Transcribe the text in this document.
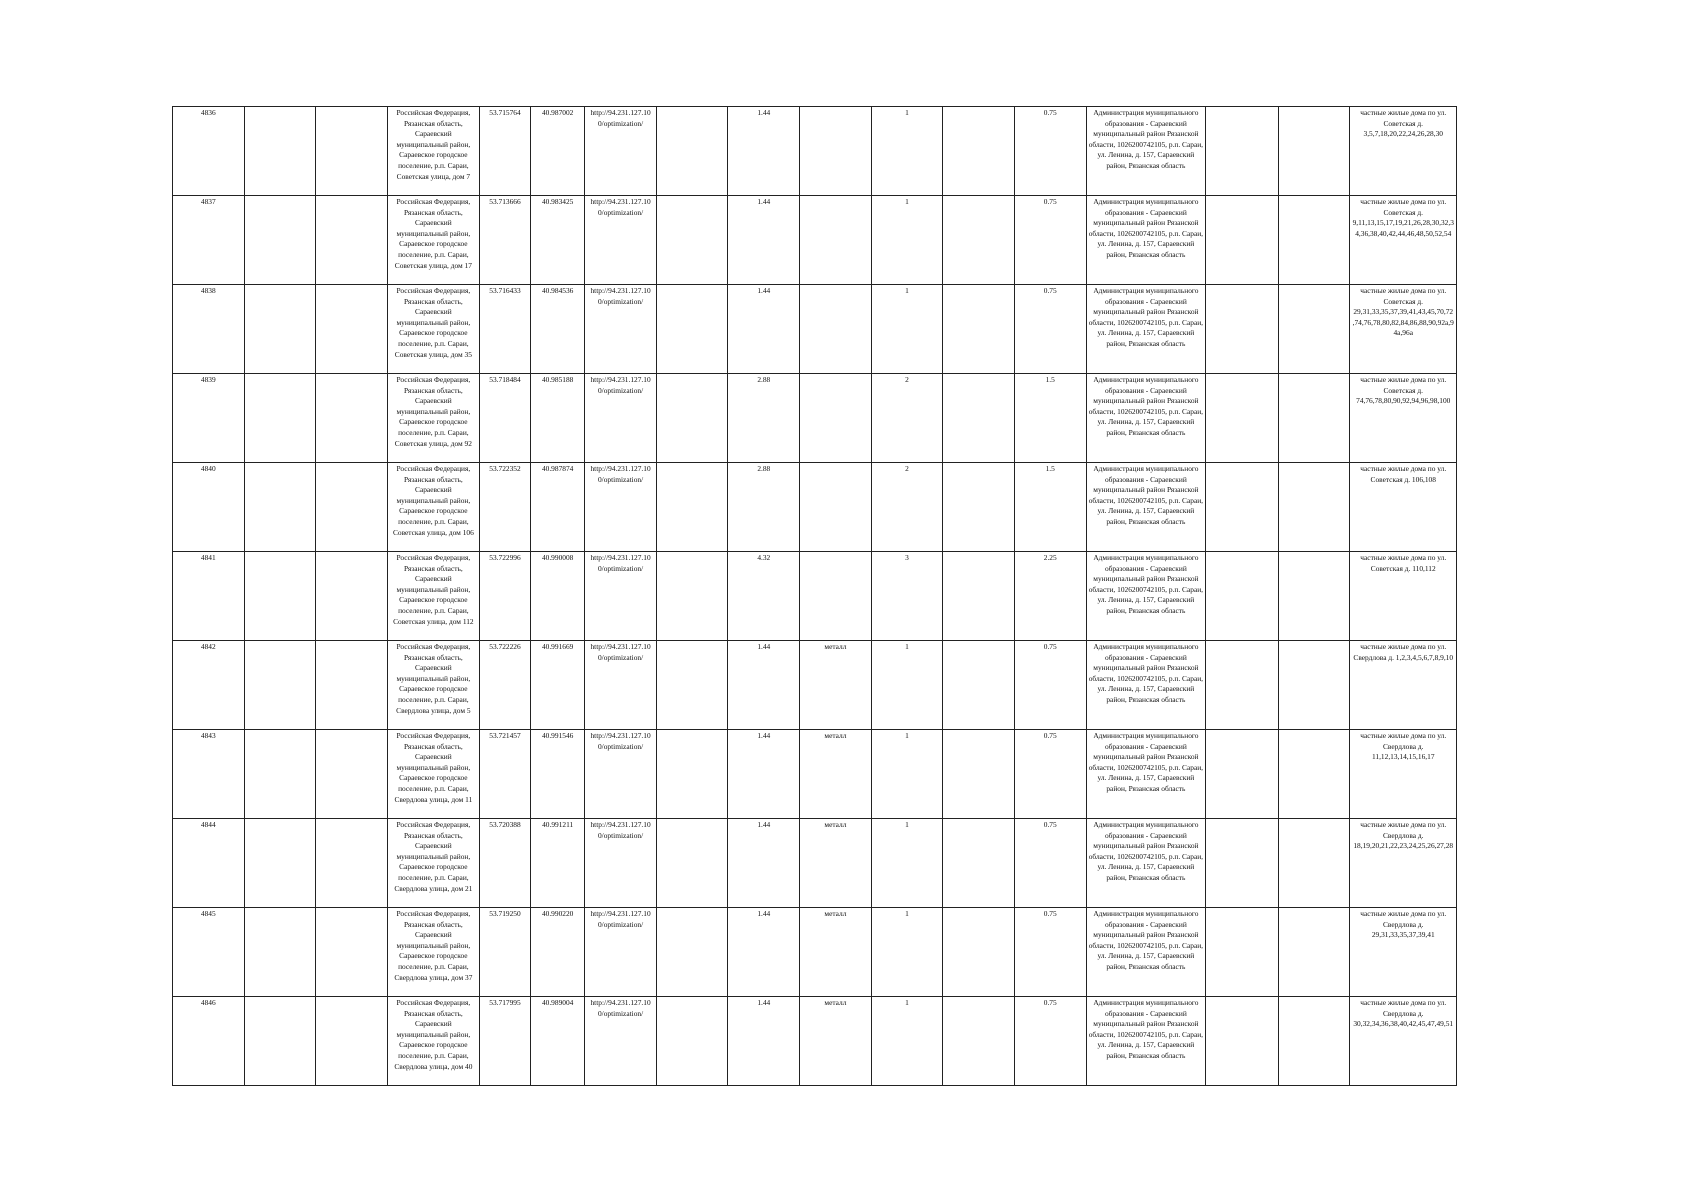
4836			Российская Федерация, Рязанская область, Сараевский муниципальный район, Сараевское городское поселение, р.п. Сараи, Советская улица, дом 7	53.715764	40.987002	http://94.231.127.10 0/optimization/		1.44		1		0.75	Администрация муниципального образования - Сараевский муниципальный район Рязанской области, 1026200742105, р.п. Сараи, ул. Ленина, д. 157, Сараевский район, Рязанская область			частные жилые дома по ул. Советская д. 3,5,7,18,20,22,24,26,28,30
4837			Российская Федерация, Рязанская область, Сараевский муниципальный район, Сараевское городское поселение, р.п. Сараи, Советская улица, дом 17	53.713666	40.983425	http://94.231.127.10 0/optimization/		1.44		1		0.75	Администрация муниципального образования - Сараевский муниципальный район Рязанской области, 1026200742105, р.п. Сараи, ул. Ленина, д. 157, Сараевский район, Рязанская область			частные жилые дома по ул. Советская д. 9,11,13,15,17,19,21,26,28,30,32,34,36,38,40,42,44,46,48,50,52,54
4838			Российская Федерация, Рязанская область, Сараевский муниципальный район, Сараевское городское поселение, р.п. Сараи, Советская улица, дом 35	53.716433	40.984536	http://94.231.127.10 0/optimization/		1.44		1		0.75	Администрация муниципального образования - Сараевский муниципальный район Рязанской области, 1026200742105, р.п. Сараи, ул. Ленина, д. 157, Сараевский район, Рязанская область			частные жилые дома по ул. Советская д. 29,31,33,35,37,39,41,43,45,70,72,74,76,78,80,82,84,86,88,90,92а,94а,96а
4839			Российская Федерация, Рязанская область, Сараевский муниципальный район, Сараевское городское поселение, р.п. Сараи, Советская улица, дом 92	53.718484	40.985188	http://94.231.127.10 0/optimization/		2.88		2		1.5	Администрация муниципального образования - Сараевский муниципальный район Рязанской области, 1026200742105, р.п. Сараи, ул. Ленина, д. 157, Сараевский район, Рязанская область			частные жилые дома по ул. Советская д. 74,76,78,80,90,92,94,96,98,100
4840			Российская Федерация, Рязанская область, Сараевский муниципальный район, Сараевское городское поселение, р.п. Сараи, Советская улица, дом 106	53.722352	40.987874	http://94.231.127.10 0/optimization/		2.88		2		1.5	Администрация муниципального образования - Сараевский муниципальный район Рязанской области, 1026200742105, р.п. Сараи, ул. Ленина, д. 157, Сараевский район, Рязанская область			частные жилые дома по ул. Советская д. 106,108
4841			Российская Федерация, Рязанская область, Сараевский муниципальный район, Сараевское городское поселение, р.п. Сараи, Советская улица, дом 112	53.722996	40.990008	http://94.231.127.10 0/optimization/		4.32		3		2.25	Администрация муниципального образования - Сараевский муниципальный район Рязанской области, 1026200742105, р.п. Сараи, ул. Ленина, д. 157, Сараевский район, Рязанская область			частные жилые дома по ул. Советская д. 110,112
4842			Российская Федерация, Рязанская область, Сараевский муниципальный район, Сараевское городское поселение, р.п. Сараи, Свердлова улица, дом 5	53.722226	40.991669	http://94.231.127.10 0/optimization/		1.44	металл	1		0.75	Администрация муниципального образования - Сараевский муниципальный район Рязанской области, 1026200742105, р.п. Сараи, ул. Ленина, д. 157, Сараевский район, Рязанская область			частные жилые дома по ул. Свердлова д. 1,2,3,4,5,6,7,8,9,10
4843			Российская Федерация, Рязанская область, Сараевский муниципальный район, Сараевское городское поселение, р.п. Сараи, Свердлова улица, дом 11	53.721457	40.991546	http://94.231.127.10 0/optimization/		1.44	металл	1		0.75	Администрация муниципального образования - Сараевский муниципальный район Рязанской области, 1026200742105, р.п. Сараи, ул. Ленина, д. 157, Сараевский район, Рязанская область			частные жилые дома по ул. Свердлова д. 11,12,13,14,15,16,17
4844			Российская Федерация, Рязанская область, Сараевский муниципальный район, Сараевское городское поселение, р.п. Сараи, Свердлова улица, дом 21	53.720388	40.991211	http://94.231.127.10 0/optimization/		1.44	металл	1		0.75	Администрация муниципального образования - Сараевский муниципальный район Рязанской области, 1026200742105, р.п. Сараи, ул. Ленина, д. 157, Сараевский район, Рязанская область			частные жилые дома по ул. Свердлова д. 18,19,20,21,22,23,24,25,26,27,28
4845			Российская Федерация, Рязанская область, Сараевский муниципальный район, Сараевское городское поселение, р.п. Сараи, Свердлова улица, дом 37	53.719250	40.990220	http://94.231.127.10 0/optimization/		1.44	металл	1		0.75	Администрация муниципального образования - Сараевский муниципальный район Рязанской области, 1026200742105, р.п. Сараи, ул. Ленина, д. 157, Сараевский район, Рязанская область			частные жилые дома по ул. Свердлова д. 29,31,33,35,37,39,41
4846			Российская Федерация, Рязанская область, Сараевский муниципальный район, Сараевское городское поселение, р.п. Сараи, Свердлова улица, дом 40	53.717995	40.989004	http://94.231.127.10 0/optimization/		1.44	металл	1		0.75	Администрация муниципального образования - Сараевский муниципальный район Рязанской области, 1026200742105, р.п. Сараи, ул. Ленина, д. 157, Сараевский район, Рязанская область			частные жилые дома по ул. Свердлова д. 30,32,34,36,38,40,42,45,47,49,51
